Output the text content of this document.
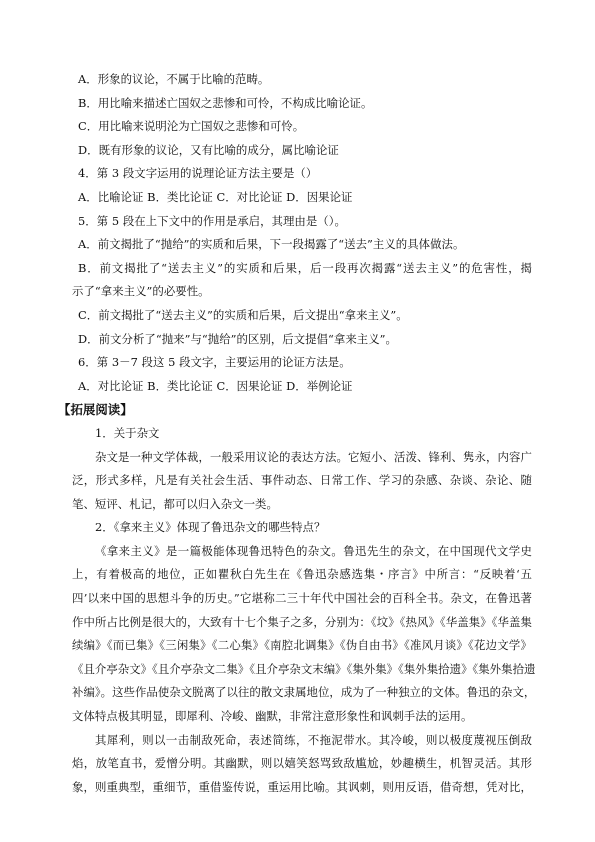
A．形象的议论，不属于比喻的范畴。
B．用比喻来描述亡国奴之悲惨和可怜，不构成比喻论证。
C．用比喻来说明沦为亡国奴之悲惨和可怜。
D．既有形象的议论，又有比喻的成分，属比喻论证
4．第 3 段文字运用的说理论证方法主要是（）
A．比喻论证 B．类比论证 C．对比论证 D．因果论证
5．第 5 段在上下文中的作用是承启，其理由是（）。
A．前文揭批了“抛给”的实质和后果，下一段揭露了“送去”主义的具体做法。
B．前文揭批了“送去主义”的实质和后果，后一段再次揭露“送去主义”的危害性，揭
示了“拿来主义”的必要性。
C．前文揭批了“送去主义”的实质和后果，后文提出“拿来主义”。
D．前文分析了“抛来”与“抛给”的区别，后文提倡“拿来主义”。
6．第 3－7 段这 5 段文字，主要运用的论证方法是。
A．对比论证 B．类比论证 C．因果论证 D．举例论证
【拓展阅读】
1．关于杂文
杂文是一种文学体裁，一般采用议论的表达方法。它短小、活泼、锋利、隽永，内容广
泛，形式多样，凡是有关社会生活、事件动态、日常工作、学习的杂感、杂谈、杂论、随
笔、短评、札记，都可以归入杂文一类。
2．《拿来主义》体现了鲁迅杂文的哪些特点？
《拿来主义》是一篇极能体现鲁迅特色的杂文。鲁迅先生的杂文，在中国现代文学史
上，有着极高的地位，正如瞿秋白先生在《鲁迅杂感选集・序言》中所言：“反映着‘五
四’以来中国的思想斗争的历史。”它堪称二三十年代中国社会的百科全书。杂文，在鲁迅著
作中所占比例是很大的，大致有十七个集子之多，分别为：《坟》《热风》《华盖集》《华盖集
续编》《而已集》《三闲集》《二心集》《南腔北调集》《伪自由书》《准风月谈》《花边文学》
《且介亭杂文》《且介亭杂文二集》《且介亭杂文末编》《集外集》《集外集拾遗》《集外集拾遗
补编》。这些作品使杂文脱离了以往的散文隶属地位，成为了一种独立的文体。鲁迅的杂文，
文体特点极其明显，即犀利、冷峻、幽默，非常注意形象性和讽刺手法的运用。
其犀利，则以一击制敌死命，表述简练，不拖泥带水。其冷峻，则以极度蔑视压倒敌
焰，放笔直书，爱憎分明。其幽默，则以嬉笑怒骂致敌尴尬，妙趣横生，机智灵活。其形
象，则重典型，重细节，重借鉴传说，重运用比喻。其讽刺，则用反语，借奇想，凭对比，
